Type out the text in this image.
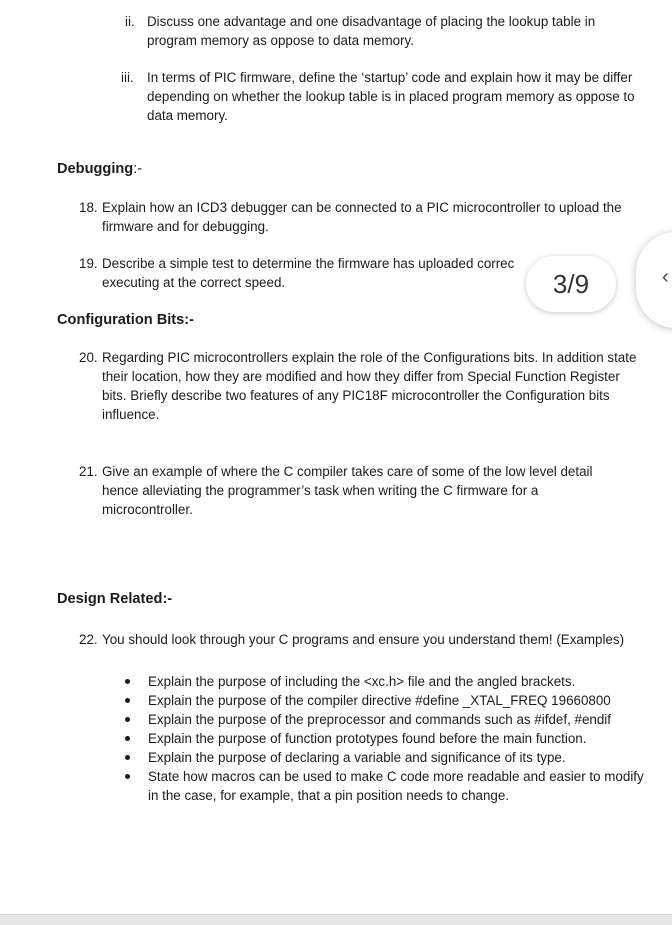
ii. Discuss one advantage and one disadvantage of placing the lookup table in program memory as oppose to data memory.
iii. In terms of PIC firmware, define the ‘startup’ code and explain how it may be differ depending on whether the lookup table is in placed program memory as oppose to data memory.
Debugging:-
18. Explain how an ICD3 debugger can be connected to a PIC microcontroller to upload the firmware and for debugging.
19. Describe a simple test to determine the firmware has uploaded correc
executing at the correct speed.
Configuration Bits:-
20. Regarding PIC microcontrollers explain the role of the Configurations bits. In addition state their location, how they are modified and how they differ from Special Function Register bits. Briefly describe two features of any PIC18F microcontroller the Configuration bits influence.
21. Give an example of where the C compiler takes care of some of the low level detail hence alleviating the programmer’s task when writing the C firmware for a microcontroller.
Design Related:-
22. You should look through your C programs and ensure you understand them! (Examples)
Explain the purpose of including the <xc.h> file and the angled brackets.
Explain the purpose of the compiler directive #define _XTAL_FREQ 19660800
Explain the purpose of the preprocessor and commands such as #ifdef, #endif
Explain the purpose of function prototypes found before the main function.
Explain the purpose of declaring a variable and significance of its type.
State how macros can be used to make C code more readable and easier to modify in the case, for example, that a pin position needs to change.
3/9	‹
